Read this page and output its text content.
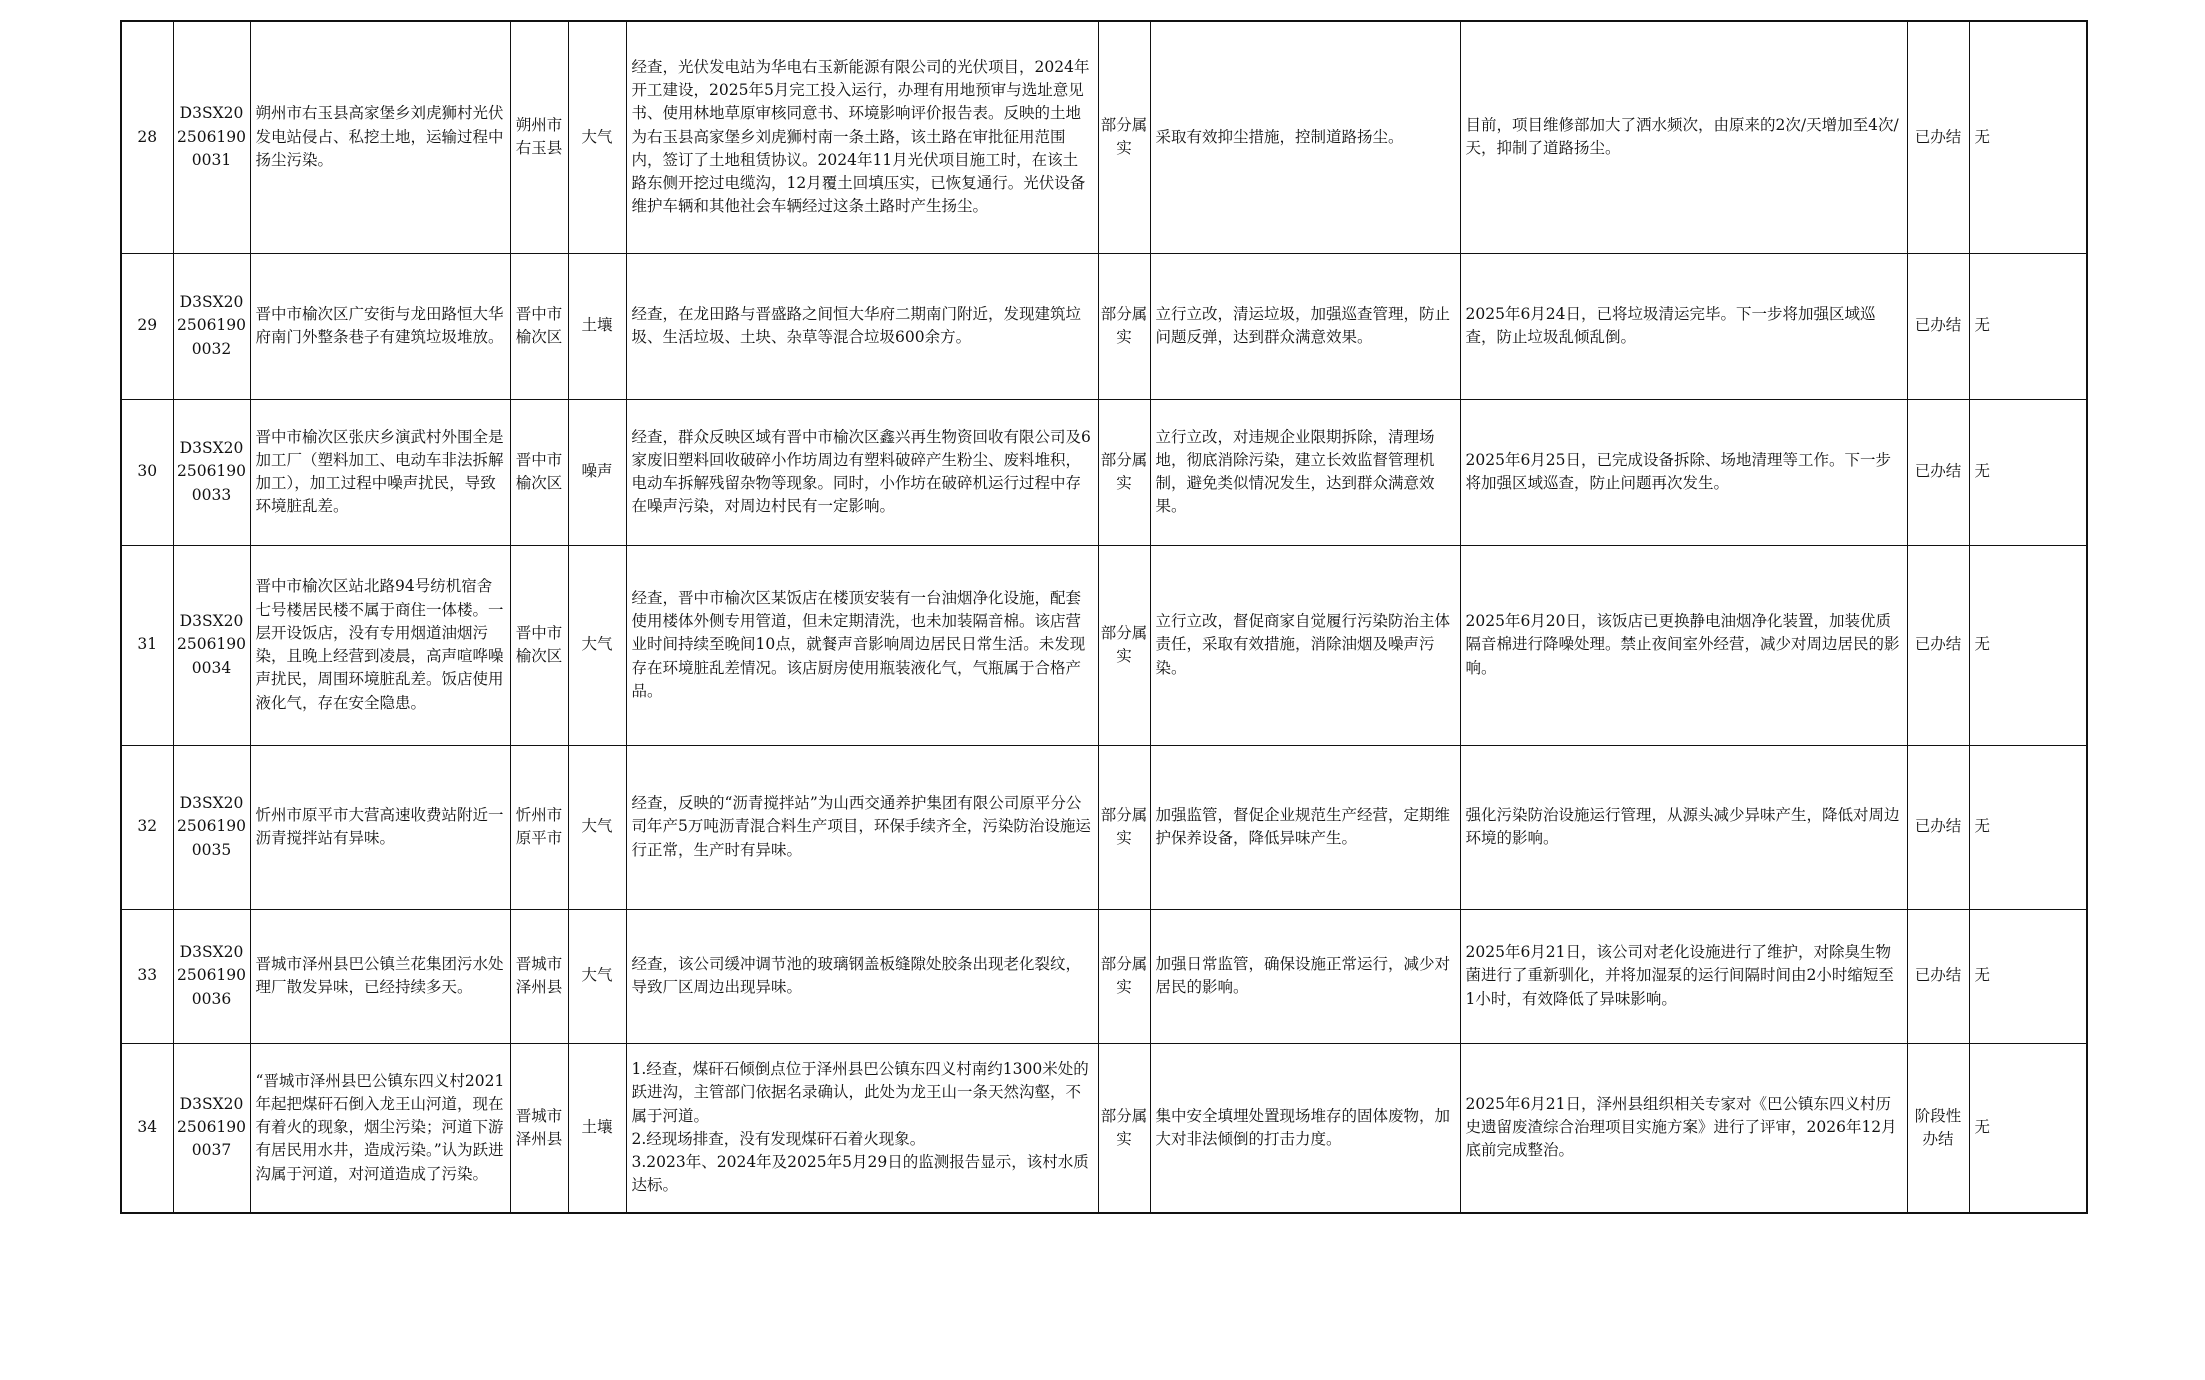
28	D3SX2025061900031	朔州市右玉县高家堡乡刘虎狮村光伏发电站侵占、私挖土地，运输过程中扬尘污染。	朔州市右玉县	大气	经查，光伏发电站为华电右玉新能源有限公司的光伏项目，2024年开工建设，2025年5月完工投入运行，办理有用地预审与选址意见书、使用林地草原审核同意书、环境影响评价报告表。反映的土地为右玉县高家堡乡刘虎狮村南一条土路，该土路在审批征用范围内，签订了土地租赁协议。2024年11月光伏项目施工时，在该土路东侧开挖过电缆沟，12月覆土回填压实，已恢复通行。光伏设备维护车辆和其他社会车辆经过这条土路时产生扬尘。	部分属实	采取有效抑尘措施，控制道路扬尘。	目前，项目维修部加大了洒水频次，由原来的2次/天增加至4次/天，抑制了道路扬尘。	已办结	无
29	D3SX2025061900032	晋中市榆次区广安街与龙田路恒大华府南门外整条巷子有建筑垃圾堆放。	晋中市榆次区	土壤	经查，在龙田路与晋盛路之间恒大华府二期南门附近，发现建筑垃圾、生活垃圾、土块、杂草等混合垃圾600余方。	部分属实	立行立改，清运垃圾，加强巡查管理，防止问题反弹，达到群众满意效果。	2025年6月24日，已将垃圾清运完毕。下一步将加强区域巡查，防止垃圾乱倾乱倒。	已办结	无
30	D3SX2025061900033	晋中市榆次区张庆乡演武村外围全是加工厂（塑料加工、电动车非法拆解加工），加工过程中噪声扰民，导致环境脏乱差。	晋中市榆次区	噪声	经查，群众反映区域有晋中市榆次区鑫兴再生物资回收有限公司及6家废旧塑料回收破碎小作坊周边有塑料破碎产生粉尘、废料堆积，电动车拆解残留杂物等现象。同时，小作坊在破碎机运行过程中存在噪声污染，对周边村民有一定影响。	部分属实	立行立改，对违规企业限期拆除，清理场地，彻底消除污染，建立长效监督管理机制，避免类似情况发生，达到群众满意效果。	2025年6月25日，已完成设备拆除、场地清理等工作。下一步将加强区域巡查，防止问题再次发生。	已办结	无
31	D3SX2025061900034	晋中市榆次区站北路94号纺机宿舍七号楼居民楼不属于商住一体楼。一层开设饭店，没有专用烟道油烟污染，且晚上经营到凌晨，高声喧哗噪声扰民，周围环境脏乱差。饭店使用液化气，存在安全隐患。	晋中市榆次区	大气	经查，晋中市榆次区某饭店在楼顶安装有一台油烟净化设施，配套使用楼体外侧专用管道，但未定期清洗，也未加装隔音棉。该店营业时间持续至晚间10点，就餐声音影响周边居民日常生活。未发现存在环境脏乱差情况。该店厨房使用瓶装液化气，气瓶属于合格产品。	部分属实	立行立改，督促商家自觉履行污染防治主体责任，采取有效措施，消除油烟及噪声污染。	2025年6月20日，该饭店已更换静电油烟净化装置，加装优质隔音棉进行降噪处理。禁止夜间室外经营，减少对周边居民的影响。	已办结	无
32	D3SX2025061900035	忻州市原平市大营高速收费站附近一沥青搅拌站有异味。	忻州市原平市	大气	经查，反映的“沥青搅拌站”为山西交通养护集团有限公司原平分公司年产5万吨沥青混合料生产项目，环保手续齐全，污染防治设施运行正常，生产时有异味。	部分属实	加强监管，督促企业规范生产经营，定期维护保养设备，降低异味产生。	强化污染防治设施运行管理，从源头减少异味产生，降低对周边环境的影响。	已办结	无
33	D3SX2025061900036	晋城市泽州县巴公镇兰花集团污水处理厂散发异味，已经持续多天。	晋城市泽州县	大气	经查，该公司缓冲调节池的玻璃钢盖板缝隙处胶条出现老化裂纹，导致厂区周边出现异味。	部分属实	加强日常监管，确保设施正常运行，减少对居民的影响。	2025年6月21日，该公司对老化设施进行了维护，对除臭生物菌进行了重新驯化，并将加湿泵的运行间隔时间由2小时缩短至1小时，有效降低了异味影响。	已办结	无
34	D3SX2025061900037	“晋城市泽州县巴公镇东四义村2021年起把煤矸石倒入龙王山河道，现在有着火的现象，烟尘污染；河道下游有居民用水井，造成污染。”认为跃进沟属于河道，对河道造成了污染。	晋城市泽州县	土壤	1.经查，煤矸石倾倒点位于泽州县巴公镇东四义村南约1300米处的跃进沟，主管部门依据名录确认，此处为龙王山一条天然沟壑，不属于河道。
2.经现场排查，没有发现煤矸石着火现象。
3.2023年、2024年及2025年5月29日的监测报告显示，该村水质达标。	部分属实	集中安全填埋处置现场堆存的固体废物，加大对非法倾倒的打击力度。	2025年6月21日，泽州县组织相关专家对《巴公镇东四义村历史遗留废渣综合治理项目实施方案》进行了评审，2026年12月底前完成整治。	阶段性办结	无
